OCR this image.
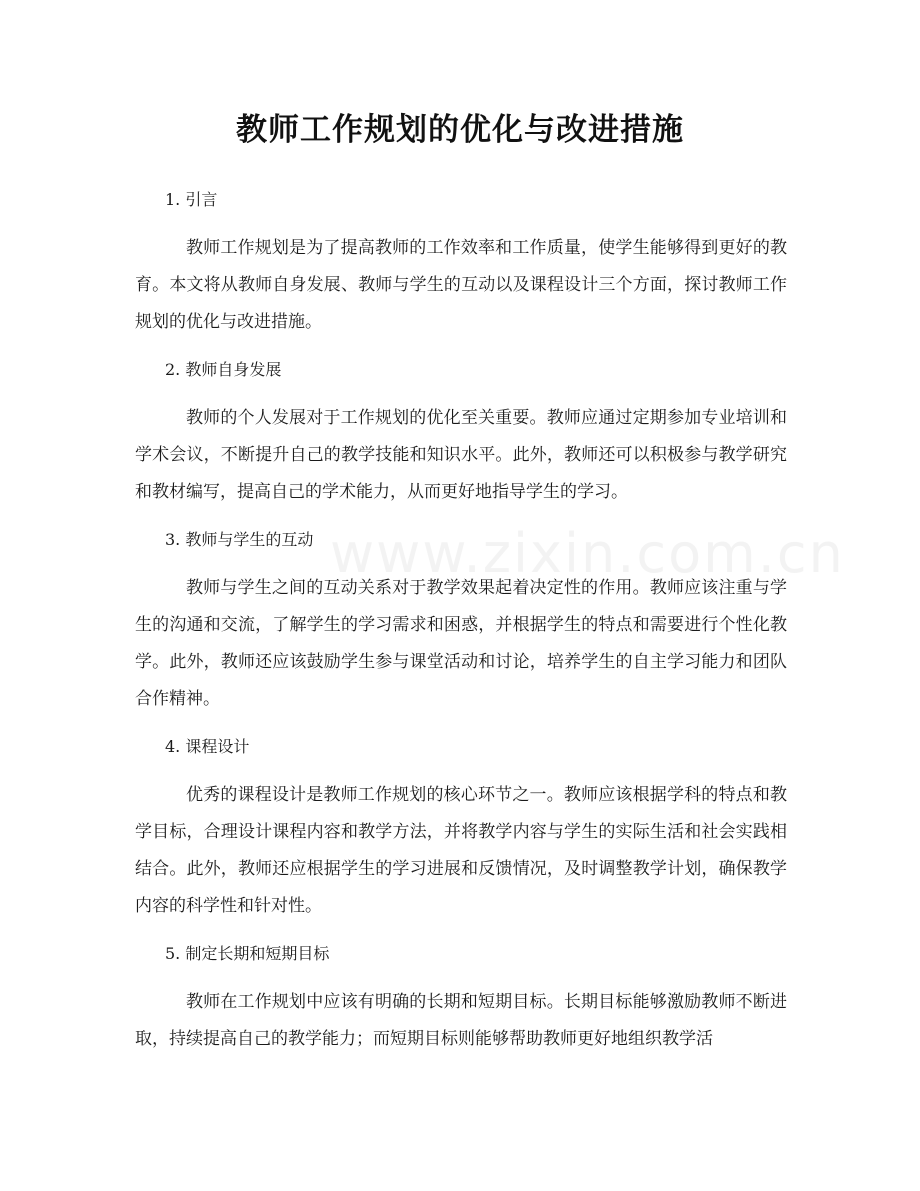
www.zixin.com.cn
教师工作规划的优化与改进措施
1. 引言

教师工作规划是为了提高教师的工作效率和工作质量，使学生能够得到更好的教育。本文将从教师自身发展、教师与学生的互动以及课程设计三个方面，探讨教师工作规划的优化与改进措施。

2. 教师自身发展

教师的个人发展对于工作规划的优化至关重要。教师应通过定期参加专业培训和学术会议，不断提升自己的教学技能和知识水平。此外，教师还可以积极参与教学研究和教材编写，提高自己的学术能力，从而更好地指导学生的学习。

3. 教师与学生的互动

教师与学生之间的互动关系对于教学效果起着决定性的作用。教师应该注重与学生的沟通和交流，了解学生的学习需求和困惑，并根据学生的特点和需要进行个性化教学。此外，教师还应该鼓励学生参与课堂活动和讨论，培养学生的自主学习能力和团队合作精神。

4. 课程设计

优秀的课程设计是教师工作规划的核心环节之一。教师应该根据学科的特点和教学目标，合理设计课程内容和教学方法，并将教学内容与学生的实际生活和社会实践相结合。此外，教师还应根据学生的学习进展和反馈情况，及时调整教学计划，确保教学内容的科学性和针对性。

5. 制定长期和短期目标

教师在工作规划中应该有明确的长期和短期目标。长期目标能够激励教师不断进取，持续提高自己的教学能力；而短期目标则能够帮助教师更好地组织教学活
